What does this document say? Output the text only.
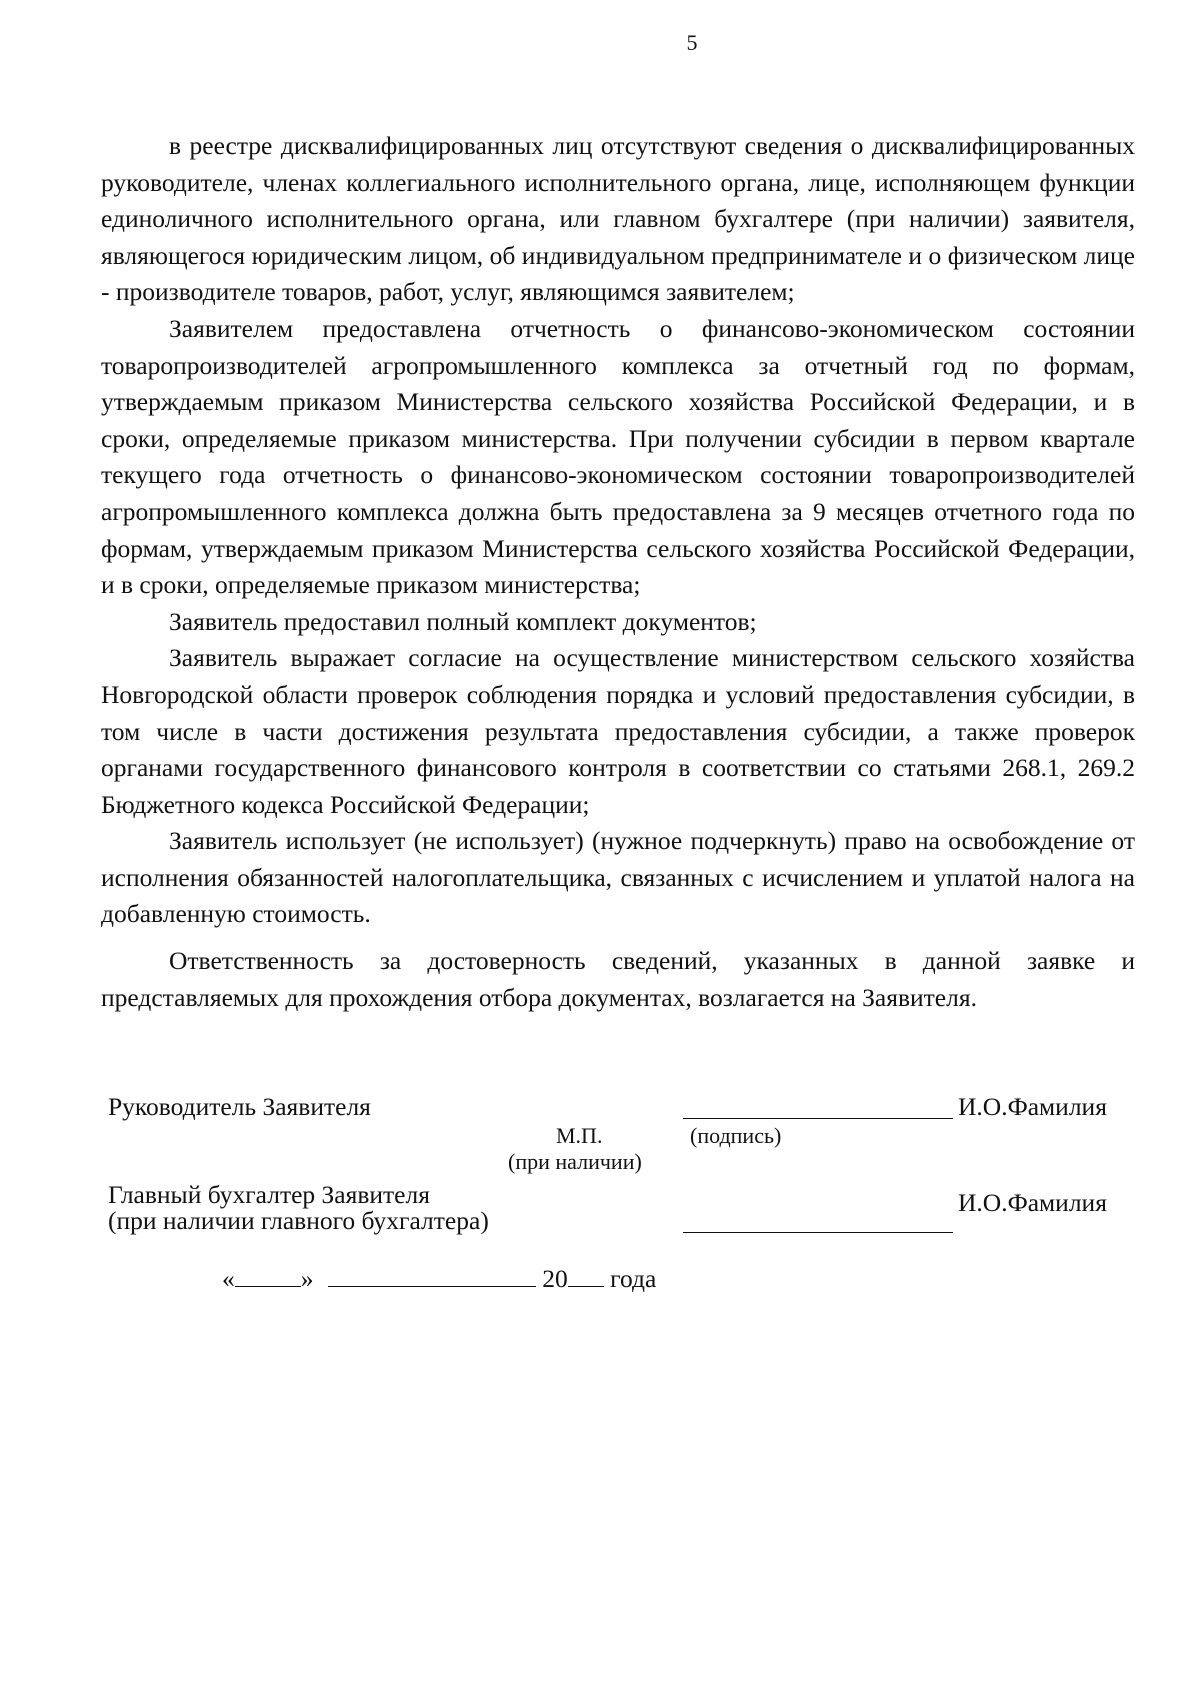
5

в реестре дисквалифицированных лиц отсутствуют сведения о дисквалифицированных руководителе, членах коллегиального исполнительного органа, лице, исполняющем функции единоличного исполнительного органа, или главном бухгалтере (при наличии) заявителя, являющегося юридическим лицом, об индивидуальном предпринимателе и о физическом лице - производителе товаров, работ, услуг, являющимся заявителем;

Заявителем предоставлена отчетность о финансово-экономическом состоянии товаропроизводителей агропромышленного комплекса за отчетный год по формам, утверждаемым приказом Министерства сельского хозяйства Российской Федерации, и в сроки, определяемые приказом министерства. При получении субсидии в первом квартале текущего года отчетность о финансово-экономическом состоянии товаропроизводителей агропромышленного комплекса должна быть предоставлена за 9 месяцев отчетного года по формам, утверждаемым приказом Министерства сельского хозяйства Российской Федерации, и в сроки, определяемые приказом министерства;

Заявитель предоставил полный комплект документов;

Заявитель выражает согласие на осуществление министерством сельского хозяйства Новгородской области проверок соблюдения порядка и условий предоставления субсидии, в том числе в части достижения результата предоставления субсидии, а также проверок органами государственного финансового контроля в соответствии со статьями 268.1, 269.2 Бюджетного кодекса Российской Федерации;

Заявитель использует (не использует) (нужное подчеркнуть) право на освобождение от исполнения обязанностей налогоплательщика, связанных с исчислением и уплатой налога на добавленную стоимость.

Ответственность за достоверность сведений, указанных в данной заявке и представляемых для прохождения отбора документах, возлагается на Заявителя.

Руководитель Заявителя	И.О.Фамилия
М.П.	(подпись)
(при наличии)
Главный бухгалтер Заявителя
(при наличии главного бухгалтера)
И.О.Фамилия
«	»	20 года
